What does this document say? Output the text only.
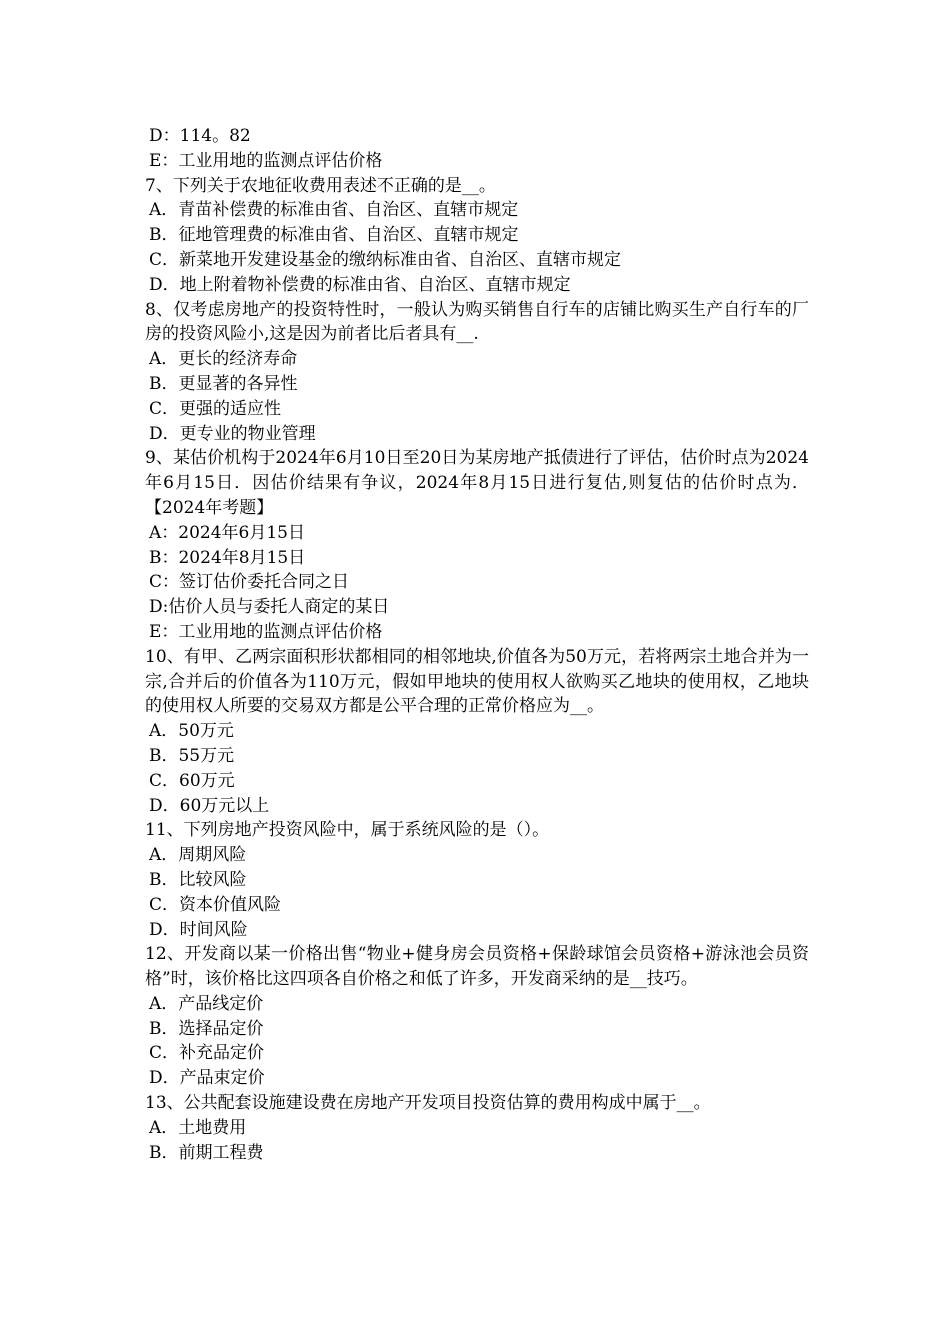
D：114。82

E：工业用地的监测点评估价格

7、下列关于农地征收费用表述不正确的是__。

A．青苗补偿费的标准由省、自治区、直辖市规定

B．征地管理费的标准由省、自治区、直辖市规定

C．新菜地开发建设基金的缴纳标准由省、自治区、直辖市规定

D．地上附着物补偿费的标准由省、自治区、直辖市规定

8、仅考虑房地产的投资特性时，一般认为购买销售自行车的店铺比购买生产自行车的厂房的投资风险小,这是因为前者比后者具有__.

A．更长的经济寿命

B．更显著的各异性

C．更强的适应性

D．更专业的物业管理

9、某估价机构于2024年6月10日至20日为某房地产抵债进行了评估，估价时点为2024年6月15日．因估价结果有争议，2024年8月15日进行复估,则复估的估价时点为．【2024年考题】

A：2024年6月15日

B：2024年8月15日

C：签订估价委托合同之日

D:估价人员与委托人商定的某日

E：工业用地的监测点评估价格

10、有甲、乙两宗面积形状都相同的相邻地块,价值各为50万元，若将两宗土地合并为一宗,合并后的价值各为110万元，假如甲地块的使用权人欲购买乙地块的使用权，乙地块的使用权人所要的交易双方都是公平合理的正常价格应为__。

A．50万元

B．55万元

C．60万元

D．60万元以上

11、下列房地产投资风险中，属于系统风险的是（）。

A．周期风险

B．比较风险

C．资本价值风险

D．时间风险

12、开发商以某一价格出售“物业+健身房会员资格+保龄球馆会员资格+游泳池会员资格”时，该价格比这四项各自价格之和低了许多，开发商采纳的是__技巧。

A．产品线定价

B．选择品定价

C．补充品定价

D．产品束定价

13、公共配套设施建设费在房地产开发项目投资估算的费用构成中属于__。

A．土地费用

B．前期工程费
